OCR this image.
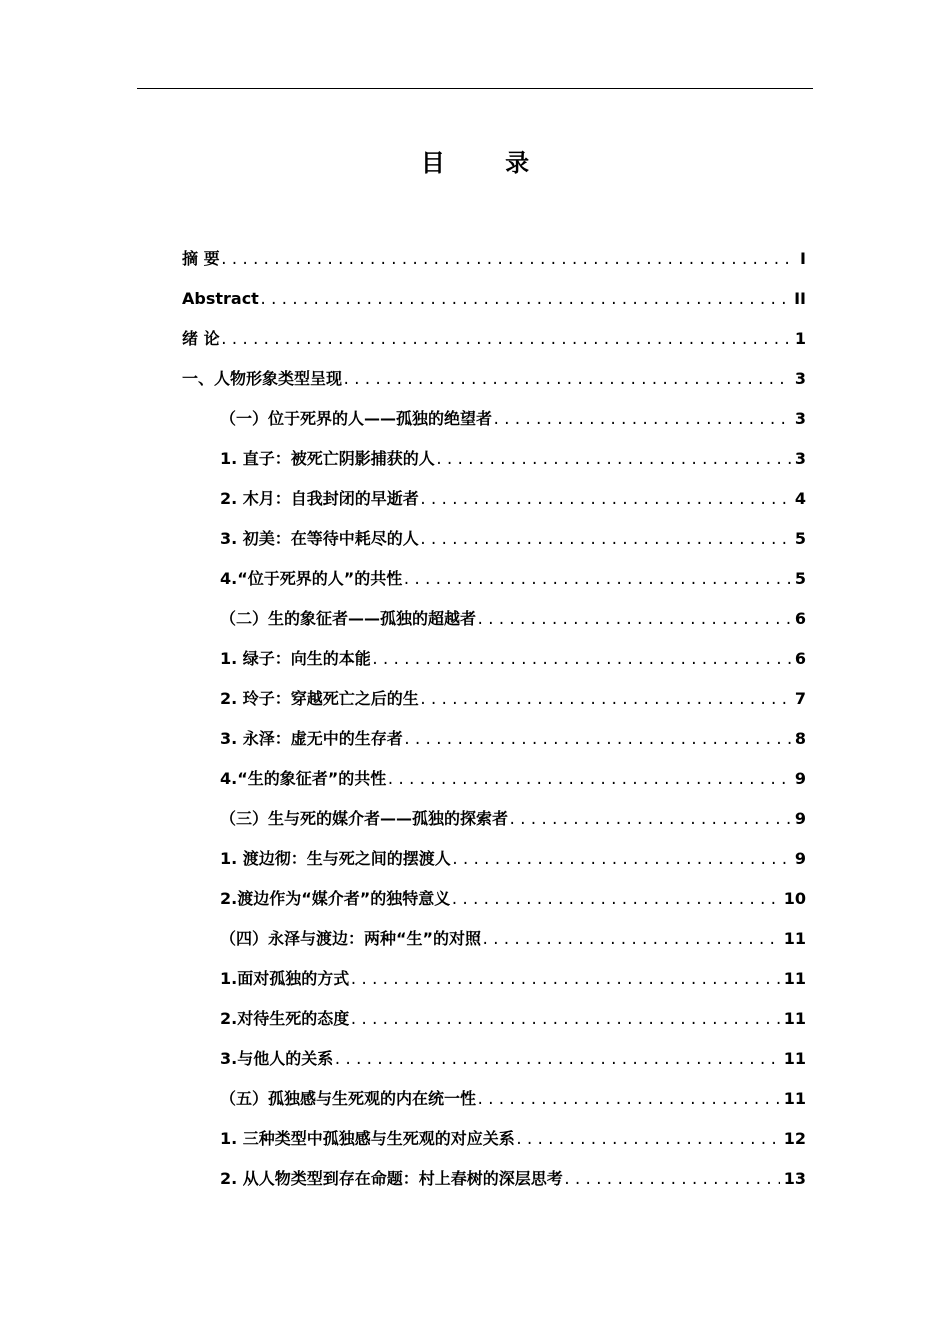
目 录
摘 要 .....	I
Abstract .....	II
绪 论 .....	1
一、人物形象类型呈现 .....	3
（一）位于死界的人——孤独的绝望者 .....	3
1. 直子：被死亡阴影捕获的人 .....	3
2. 木月：自我封闭的早逝者 .....	4
3. 初美：在等待中耗尽的人 .....	5
4.“位于死界的人”的共性 .....	5
（二）生的象征者——孤独的超越者 .....	6
1. 绿子：向生的本能 .....	6
2. 玲子：穿越死亡之后的生 .....	7
3. 永泽：虚无中的生存者 .....	8
4.“生的象征者”的共性 .....	9
（三）生与死的媒介者——孤独的探索者 .....	9
1. 渡边彻：生与死之间的摆渡人 .....	9
2.渡边作为“媒介者”的独特意义 .....	10
（四）永泽与渡边：两种“生”的对照 .....	11
1.面对孤独的方式 .....	11
2.对待生死的态度 .....	11
3.与他人的关系 .....	11
（五）孤独感与生死观的内在统一性 .....	11
1. 三种类型中孤独感与生死观的对应关系 .....	12
2. 从人物类型到存在命题：村上春树的深层思考 .....	13
